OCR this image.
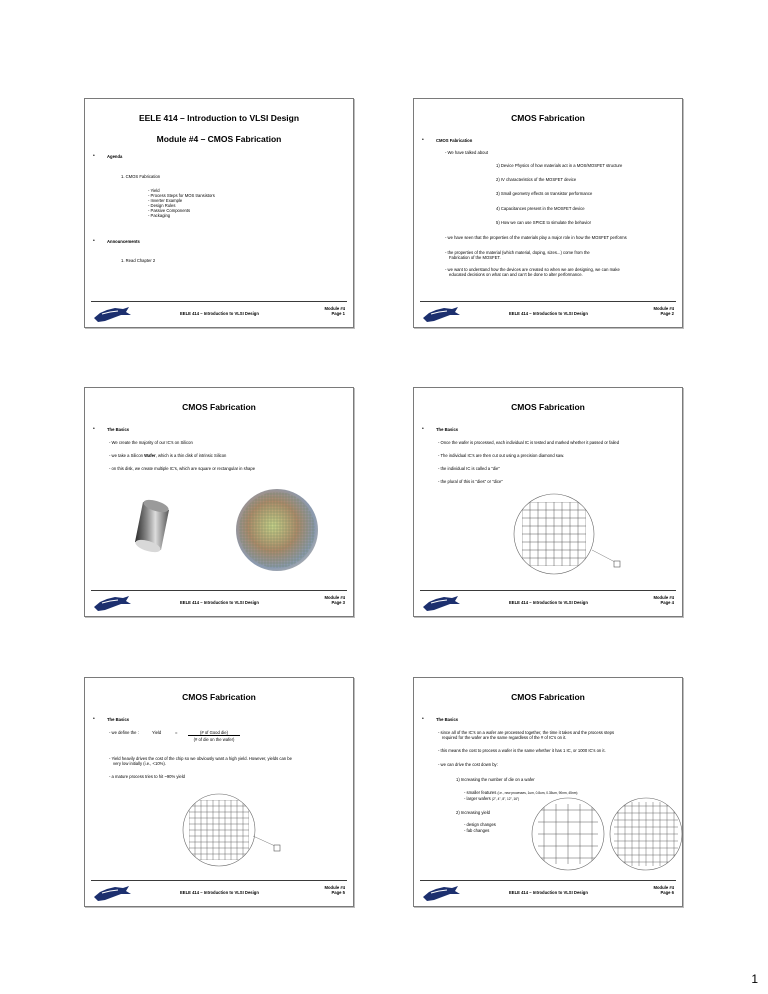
EELE 414 – Introduction to VLSI Design
Module #4 – CMOS Fabrication
•	Agenda
1. CMOS Fabrication
- Yield
- Process Steps for MOS transistors
- Inverter Example
- Design Rules
- Passive Components
- Packaging
•	Announcements
1. Read Chapter 2
EELE 414 – Introduction to VLSI Design
Module #4
Page 1
CMOS Fabrication
•	CMOS Fabrication
- We have talked about
1) Device Physics of how materials act in a MOS/MOSFET structure
2) IV characteristics of the MOSFET device
3) Small geometry effects on transistor performance
4) Capacitances present in the MOSFET device
5) How we can use SPICE to simulate the behavior
- we have seen that the properties of the materials play a major role in how the MOSFET performs
- the properties of the material (which material, doping, sizes...) come from the
Fabrication of the MOSFET.
- we want to understand how the devices are created so when we are designing, we can make
educated decisions on what can and can't be done to alter performance.
EELE 414 – Introduction to VLSI Design
Module #4
Page 2
CMOS Fabrication
•	The Basics
- We create the majority of our IC's on Silicon
- we take a Silicon Wafer, which is a thin disk of intrinsic Silicon
- on this disk, we create multiple IC's, which are square or rectangular in shape
EELE 414 – Introduction to VLSI Design
Module #4
Page 3
CMOS Fabrication
•	The Basics
- Once the wafer is processed, each individual IC is tested and marked whether it passed or failed
- The individual IC's are then cut out using a precision diamond saw.
- the individual IC is called a "die"
- the plural of this is "dies" or "dice"
EELE 414 – Introduction to VLSI Design
Module #4
Page 4
CMOS Fabrication
•	The Basics
- we define the :	Yield	=	(# of Good die)
(# of die on the wafer)
- Yield heavily drives the cost of the chip so we obviously want a high yield. However, yields can be
very low initially (i.e., <10%).
- a mature process tries to hit ~90% yield
EELE 414 – Introduction to VLSI Design
Module #4
Page 5
CMOS Fabrication
•	The Basics
- since all of the IC's on a wafer are processed together, the time it takes and the process steps
required for the wafer are the same regardless of the # of IC's on it.
- this means the cost to process a wafer is the same whether it has 1 IC, or 1000 IC's on it.
- we can drive the cost down by:
1) Increasing the number of die on a wafer
- smaller features (i.e., new processes, 1um, 0.8um, 0.35um, 90nm, 45nm)
- larger wafers (2", 4", 8", 12", 16")
2) Increasing yield
- design changes
- fab changes
EELE 414 – Introduction to VLSI Design
Module #4
Page 6
1
